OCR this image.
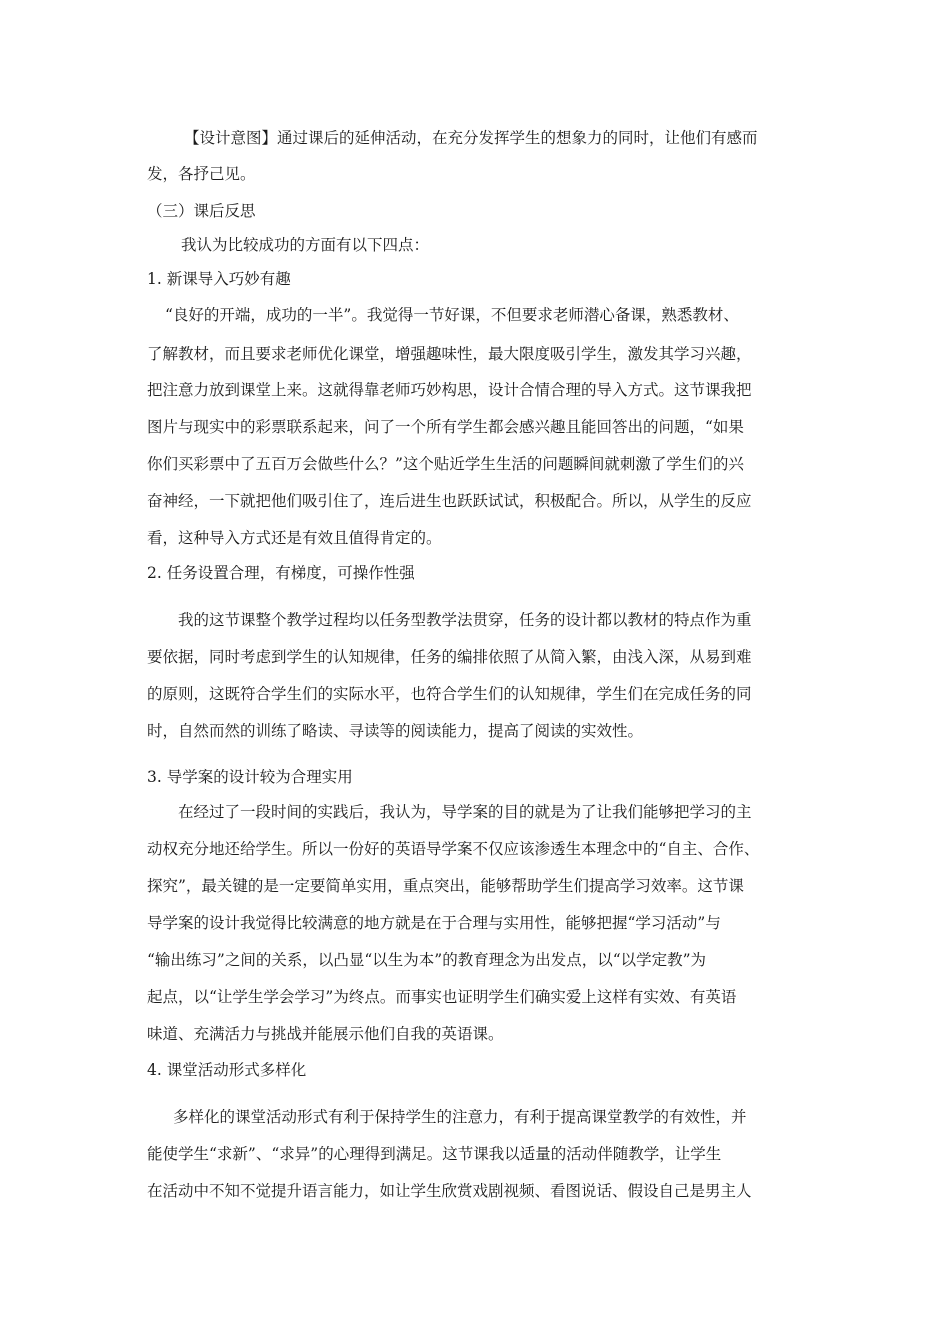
【设计意图】通过课后的延伸活动，在充分发挥学生的想象力的同时，让他们有感而
发，各抒己见。
（三）课后反思
我认为比较成功的方面有以下四点：
1. 新课导入巧妙有趣
“良好的开端，成功的一半”。我觉得一节好课，不但要求老师潜心备课，熟悉教材、
了解教材，而且要求老师优化课堂，增强趣味性，最大限度吸引学生，激发其学习兴趣，
把注意力放到课堂上来。这就得靠老师巧妙构思，设计合情合理的导入方式。这节课我把
图片与现实中的彩票联系起来，问了一个所有学生都会感兴趣且能回答出的问题，“如果
你们买彩票中了五百万会做些什么？”这个贴近学生生活的问题瞬间就刺激了学生们的兴
奋神经，一下就把他们吸引住了，连后进生也跃跃试试，积极配合。所以，从学生的反应
看，这种导入方式还是有效且值得肯定的。
2. 任务设置合理，有梯度，可操作性强
我的这节课整个教学过程均以任务型教学法贯穿，任务的设计都以教材的特点作为重
要依据，同时考虑到学生的认知规律，任务的编排依照了从简入繁，由浅入深，从易到难
的原则，这既符合学生们的实际水平，也符合学生们的认知规律，学生们在完成任务的同
时，自然而然的训练了略读、寻读等的阅读能力，提高了阅读的实效性。
3. 导学案的设计较为合理实用
在经过了一段时间的实践后，我认为，导学案的目的就是为了让我们能够把学习的主
动权充分地还给学生。所以一份好的英语导学案不仅应该渗透生本理念中的“自主、合作、
探究”，最关键的是一定要简单实用，重点突出，能够帮助学生们提高学习效率。这节课
导学案的设计我觉得比较满意的地方就是在于合理与实用性，能够把握“学习活动”与
“输出练习”之间的关系，以凸显“以生为本”的教育理念为出发点，以“以学定教”为
起点，以“让学生学会学习”为终点。而事实也证明学生们确实爱上这样有实效、有英语
味道、充满活力与挑战并能展示他们自我的英语课。
4. 课堂活动形式多样化
多样化的课堂活动形式有利于保持学生的注意力，有利于提高课堂教学的有效性，并
能使学生“求新”、“求异”的心理得到满足。这节课我以适量的活动伴随教学，让学生
在活动中不知不觉提升语言能力，如让学生欣赏戏剧视频、看图说话、假设自己是男主人
